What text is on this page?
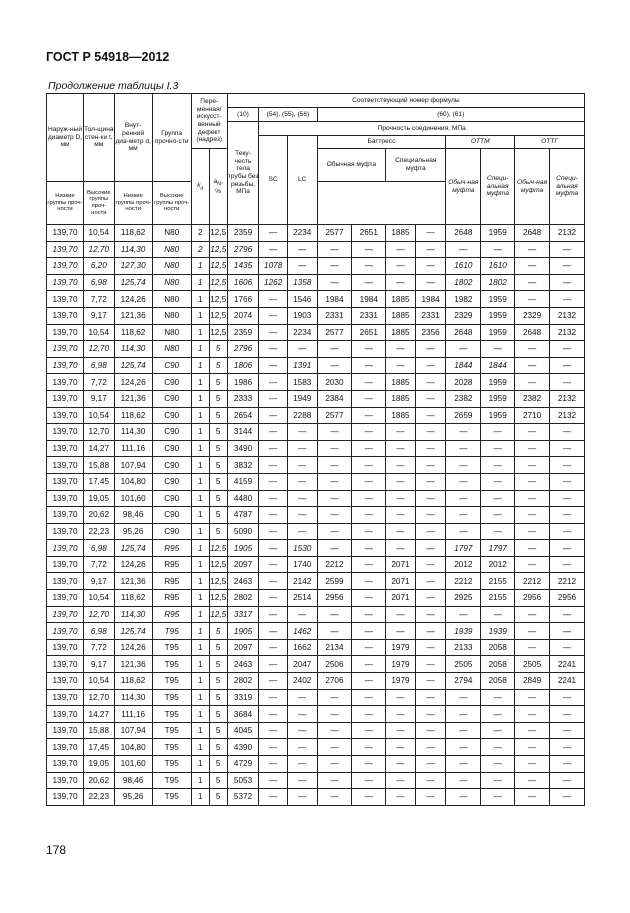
ГОСТ Р 54918—2012
Продолжение таблицы I.3
Наруж-ный диаметр D, мм	Тол-щина стен-ки t, мм	Внут-ренний диа-метр d, мм	Группа прочно-сти	Пере-менная/искусст-венный дефект (надрез)		Соответствующий номер формулы										
						(10)	(54), (55), (56)		(60), (61)							
						Теку-честь тела трубы без резьбы, МПа	Прочность соединения, МПа									
							SC	LC	Баттресс				ОТТМ		ОТТГ	
				$k_a$	$a_N$, %				Обычная муфта		Специальная муфта		Обыч-ная муфта	Специ-альная муфта	Обыч-ная муфта	Специ-альная муфта
Низкие группы проч-ности	Высокие группы проч-ности	Низкие группы проч-ности	Высокие группы проч-ности													
139,70	10,54	118,62	N80	2	12,5	2359	—	2234	2577	2651	1885	—	2648	1959	2648	2132
139,70	12,70	114,30	N80	2	12,5	2796	—	—	—	—	—	—	—	—	—	—
139,70	6,20	127,30	N80	1	12,5	1435	1078	—	—	—	—	—	1610	1610	—	—
139,70	6,98	125,74	N80	1	12,5	1606	1262	1358	—	—	—	—	1802	1802	—	—
139,70	7,72	124,26	N80	1	12,5	1766	—	1546	1984	1984	1885	1984	1982	1959	—	—
139,70	9,17	121,36	N80	1	12,5	2074	—	1903	2331	2331	1885	2331	2329	1959	2329	2132
139,70	10,54	118,62	N80	1	12,5	2359	—	2234	2577	2651	1885	2356	2648	1959	2648	2132
139,70	12,70	114,30	N80	1	5	2796	—	—	—	—	—	—	—	—	—	—
139,70	6,98	125,74	C90	1	5	1806	—	1391	—	—	—	—	1844	1844	—	—
139,70	7,72	124,26	C90	1	5	1986	—	1583	2030	—	1885	—	2028	1959	—	—
139,70	9,17	121,36	C90	1	5	2333	—	1949	2384	—	1885	—	2382	1959	2382	2132
139,70	10,54	118,62	C90	1	5	2654	—	2288	2577	—	1885	—	2659	1959	2710	2132
139,70	12,70	114,30	C90	1	5	3144	—	—	—	—	—	—	—	—	—	—
139,70	14,27	111,16	C90	1	5	3490	—	—	—	—	—	—	—	—	—	—
139,70	15,88	107,94	C90	1	5	3832	—	—	—	—	—	—	—	—	—	—
139,70	17,45	104,80	C90	1	5	4159	—	—	—	—	—	—	—	—	—	—
139,70	19,05	101,60	C90	1	5	4480	—	—	—	—	—	—	—	—	—	—
139,70	20,62	98,46	C90	1	5	4787	—	—	—	—	—	—	—	—	—	—
139,70	22,23	95,26	C90	1	5	5090	—	—	—	—	—	—	—	—	—	—
139,70	6,98	125,74	R95	1	12,5	1905	—	1530	—	—	—	—	1797	1797	—	—
139,70	7,72	124,26	R95	1	12,5	2097	—	1740	2212	—	2071	—	2012	2012	—	—
139,70	9,17	121,36	R95	1	12,5	2463	—	2142	2599	—	2071	—	2212	2155	2212	2212
139,70	10,54	118,62	R95	1	12,5	2802	—	2514	2956	—	2071	—	2925	2155	2956	2956
139,70	12,70	114,30	R95	1	12,5	3317	—	—	—	—	—	—	—	—	—	—
139,70	6,98	125,74	T95	1	5	1905	—	1462	—	—	—	—	1939	1939	—	—
139,70	7,72	124,26	T95	1	5	2097	—	1662	2134	—	1979	—	2133	2058	—	—
139,70	9,17	121,36	T95	1	5	2463	—	2047	2506	—	1979	—	2505	2058	2505	2241
139,70	10,54	118,62	T95	1	5	2802	—	2402	2706	—	1979	—	2794	2058	2849	2241
139,70	12,70	114,30	T95	1	5	3319	—	—	—	—	—	—	—	—	—	—
139,70	14,27	111,16	T95	1	5	3684	—	—	—	—	—	—	—	—	—	—
139,70	15,88	107,94	T95	1	5	4045	—	—	—	—	—	—	—	—	—	—
139,70	17,45	104,80	T95	1	5	4390	—	—	—	—	—	—	—	—	—	—
139,70	19,05	101,60	T95	1	5	4729	—	—	—	—	—	—	—	—	—	—
139,70	20,62	98,46	T95	1	5	5053	—	—	—	—	—	—	—	—	—	—
139,70	22,23	95,26	T95	1	5	5372	—	—	—	—	—	—	—	—	—	—
178
